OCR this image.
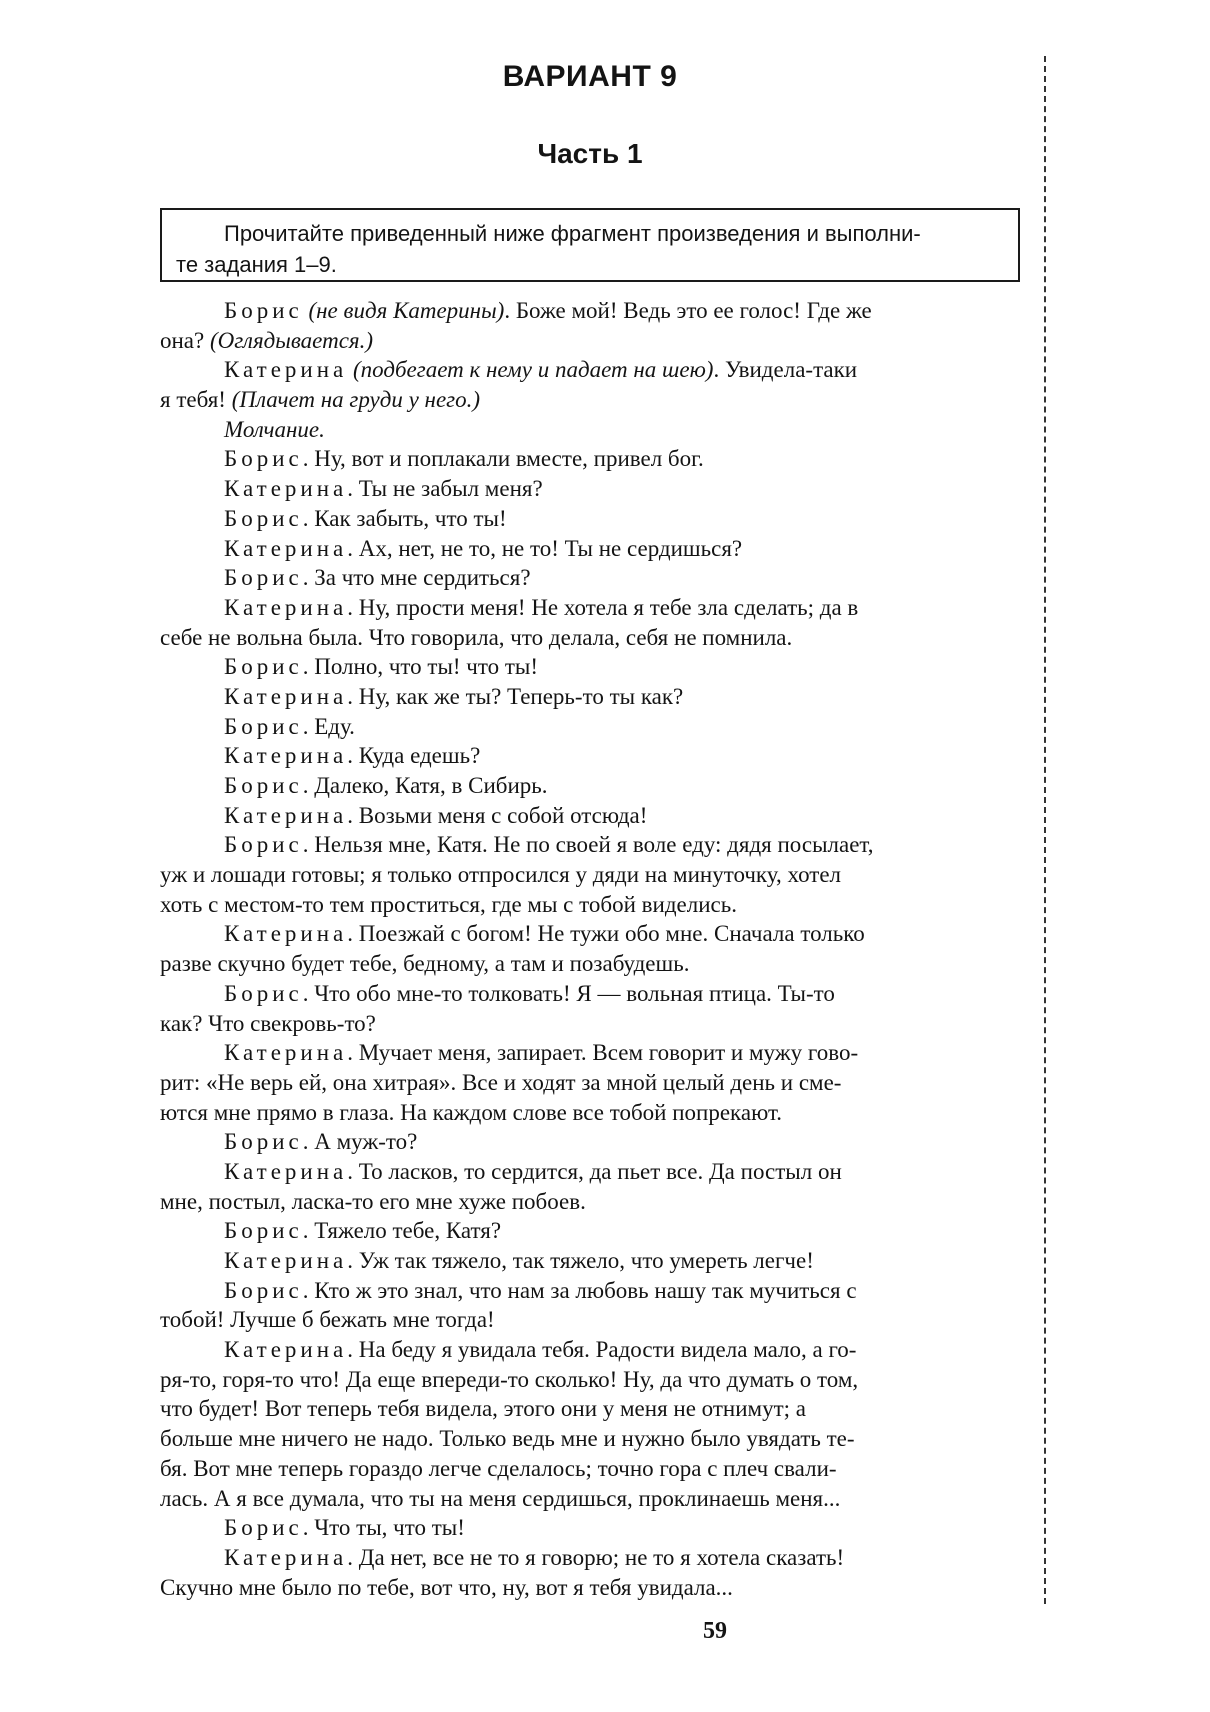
ВАРИАНТ 9
Часть 1
Прочитайте приведенный ниже фрагмент произведения и выполни-
те задания 1–9.
Борис (не видя Катерины). Боже мой! Ведь это ее голос! Где же
она? (Оглядывается.)
Катерина (подбегает к нему и падает на шею). Увидела-таки
я тебя! (Плачет на груди у него.)
Молчание.
Борис. Ну, вот и поплакали вместе, привел бог.
Катерина. Ты не забыл меня?
Борис. Как забыть, что ты!
Катерина. Ах, нет, не то, не то! Ты не сердишься?
Борис. За что мне сердиться?
Катерина. Ну, прости меня! Не хотела я тебе зла сделать; да в
себе не вольна была. Что говорила, что делала, себя не помнила.
Борис. Полно, что ты! что ты!
Катерина. Ну, как же ты? Теперь-то ты как?
Борис. Еду.
Катерина. Куда едешь?
Борис. Далеко, Катя, в Сибирь.
Катерина. Возьми меня с собой отсюда!
Борис. Нельзя мне, Катя. Не по своей я воле еду: дядя посылает,
уж и лошади готовы; я только отпросился у дяди на минуточку, хотел
хоть с местом-то тем проститься, где мы с тобой виделись.
Катерина. Поезжай с богом! Не тужи обо мне. Сначала только
разве скучно будет тебе, бедному, а там и позабудешь.
Борис. Что обо мне-то толковать! Я — вольная птица. Ты-то
как? Что свекровь-то?
Катерина. Мучает меня, запирает. Всем говорит и мужу гово-
рит: «Не верь ей, она хитрая». Все и ходят за мной целый день и сме-
ются мне прямо в глаза. На каждом слове все тобой попрекают.
Борис. А муж-то?
Катерина. То ласков, то сердится, да пьет все. Да постыл он
мне, постыл, ласка-то его мне хуже побоев.
Борис. Тяжело тебе, Катя?
Катерина. Уж так тяжело, так тяжело, что умереть легче!
Борис. Кто ж это знал, что нам за любовь нашу так мучиться с
тобой! Лучше б бежать мне тогда!
Катерина. На беду я увидала тебя. Радости видела мало, а го-
ря-то, горя-то что! Да еще впереди-то сколько! Ну, да что думать о том,
что будет! Вот теперь тебя видела, этого они у меня не отнимут; а
больше мне ничего не надо. Только ведь мне и нужно было увядать те-
бя. Вот мне теперь гораздо легче сделалось; точно гора с плеч свали-
лась. А я все думала, что ты на меня сердишься, проклинаешь меня...
Борис. Что ты, что ты!
Катерина. Да нет, все не то я говорю; не то я хотела сказать!
Скучно мне было по тебе, вот что, ну, вот я тебя увидала...
59
